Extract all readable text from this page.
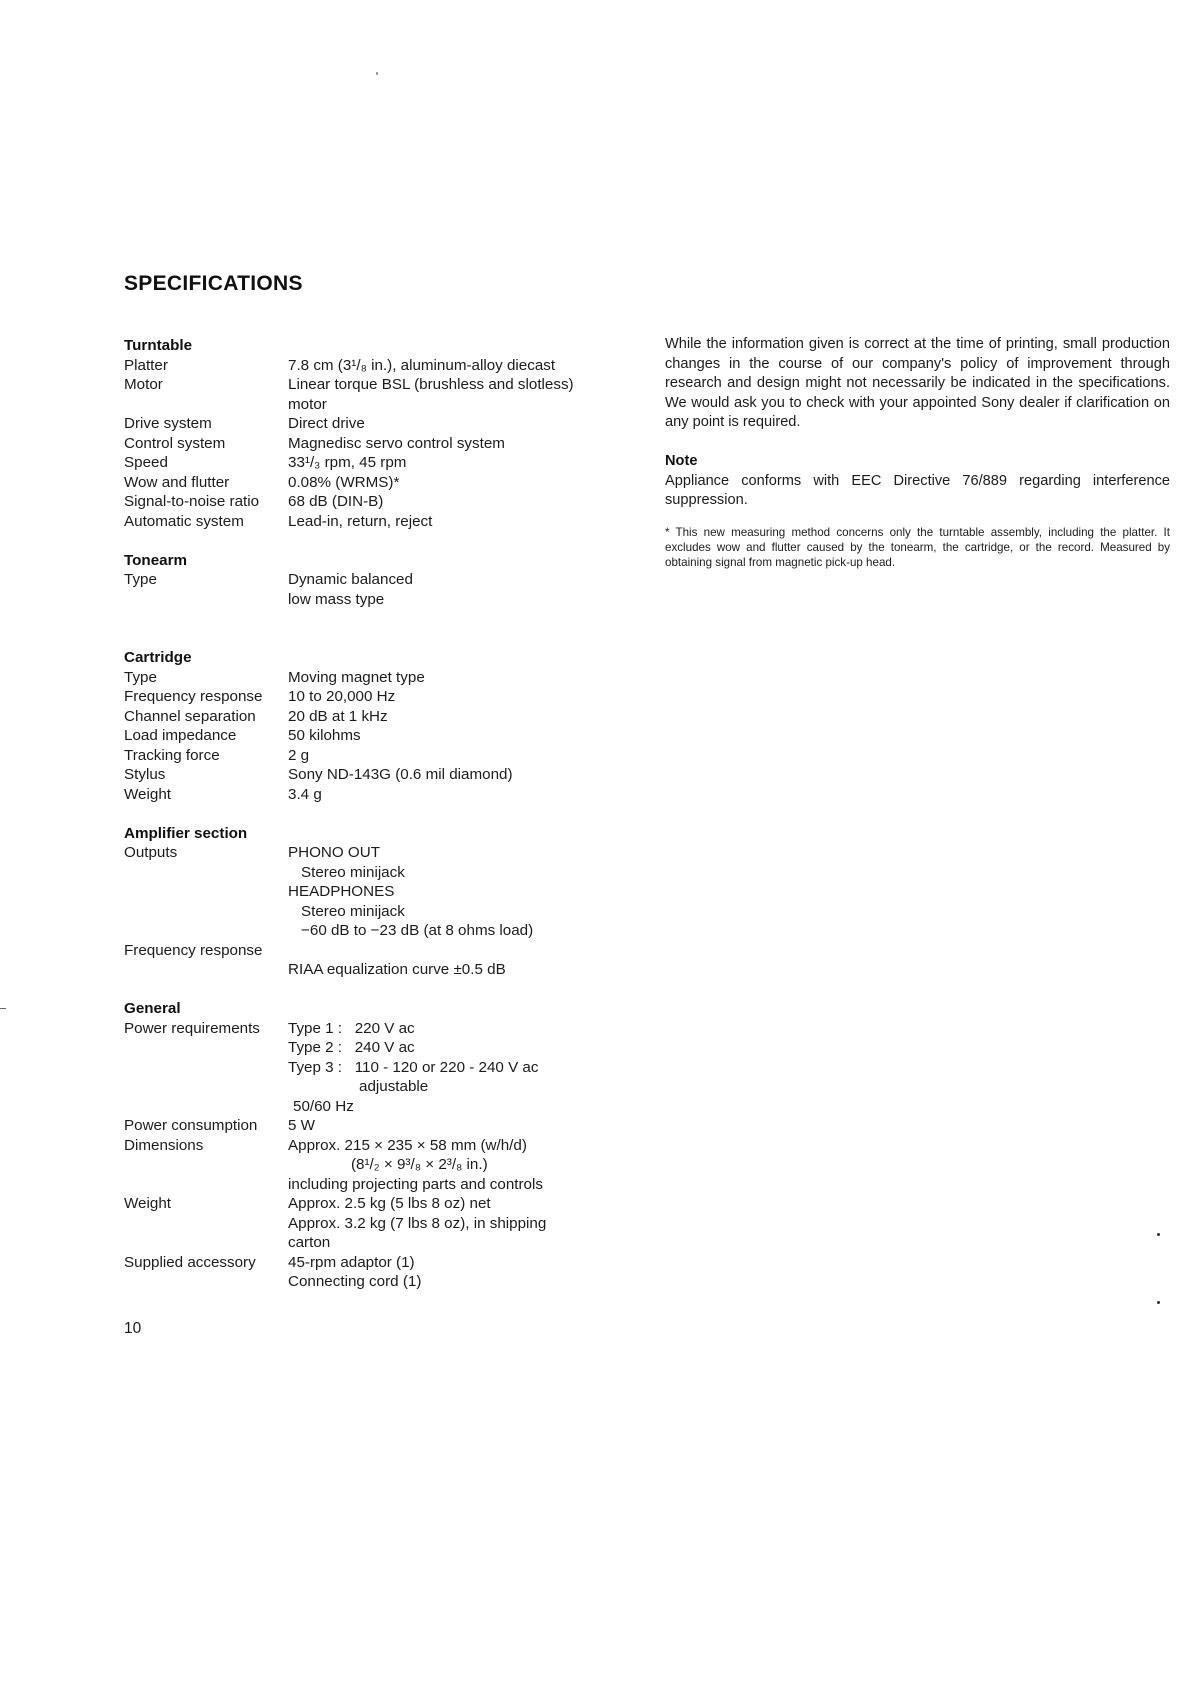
SPECIFICATIONS
Turntable
Platter	7.8 cm (3¹/₈ in.), aluminum-alloy diecast
Motor	Linear torque BSL (brushless and slotless)
motor
Drive system	Direct drive
Control system	Magnedisc servo control system
Speed	33¹/₃ rpm, 45 rpm
Wow and flutter	0.08% (WRMS)*
Signal-to-noise ratio	68 dB (DIN-B)
Automatic system	Lead-in, return, reject
Tonearm
Type	Dynamic balanced
low mass type
Cartridge
Type	Moving magnet type
Frequency response	10 to 20,000 Hz
Channel separation	20 dB at 1 kHz
Load impedance	50 kilohms
Tracking force	2 g
Stylus	Sony ND-143G (0.6 mil diamond)
Weight	3.4 g
Amplifier section
Outputs	PHONO OUT
Stereo minijack
HEADPHONES
Stereo minijack
−60 dB to −23 dB (at 8 ohms load)
Frequency response
RIAA equalization curve ±0.5 dB
General
Power requirements	Type 1 :   220 V ac
Type 2 :   240 V ac
Tyep 3 :   110 - 120 or 220 - 240 V ac
adjustable
50/60 Hz
Power consumption	5 W
Dimensions	Approx. 215 × 235 × 58 mm (w/h/d)
(8¹/₂ × 9³/₈ × 2³/₈ in.)
including projecting parts and controls
Weight	Approx. 2.5 kg (5 lbs 8 oz) net
Approx. 3.2 kg (7 lbs 8 oz), in shipping
carton
Supplied accessory	45-rpm adaptor (1)
Connecting cord (1)
While the information given is correct at the time of printing, small production changes in the course of our company's policy of improvement through research and design might not necessarily be indicated in the specifications. We would ask you to check with your appointed Sony dealer if clarification on any point is required.
Note
Appliance conforms with EEC Directive 76/889 regarding interference suppression.
* This new measuring method concerns only the turntable assembly, including the platter. It excludes wow and flutter caused by the tonearm, the cartridge, or the record. Measured by obtaining signal from magnetic pick-up head.
10
